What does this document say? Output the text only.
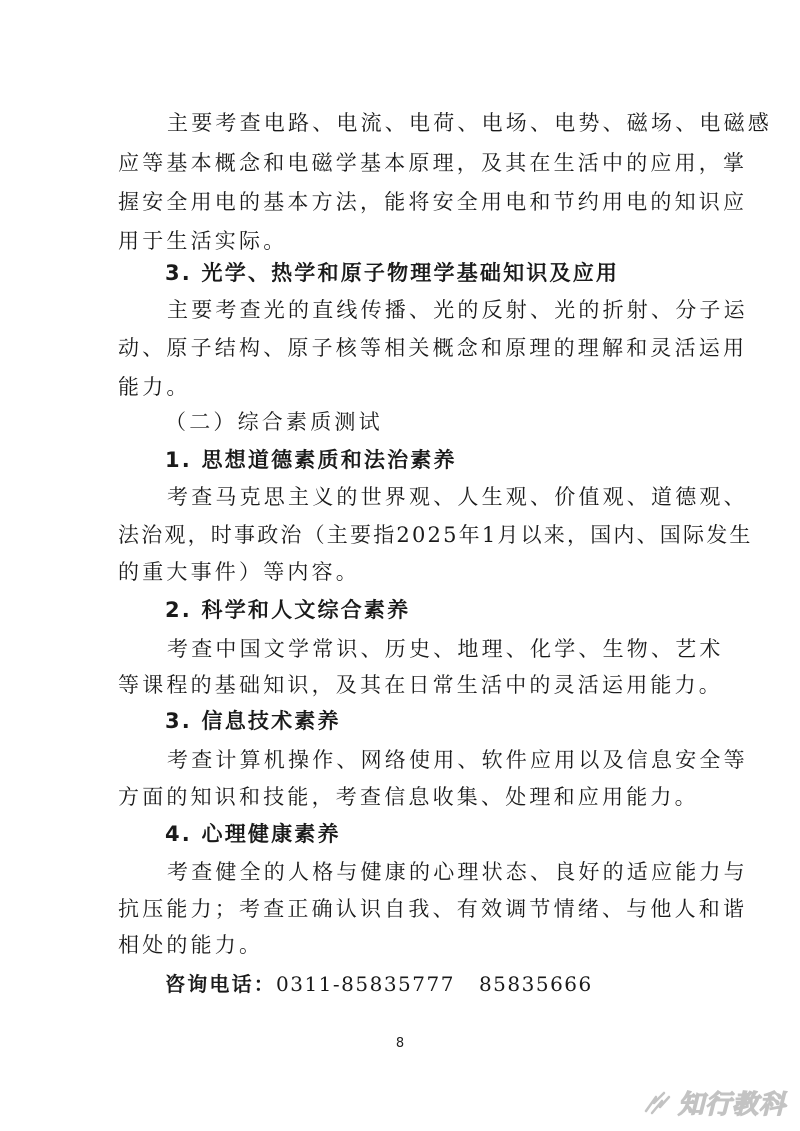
主要考查电路、电流、电荷、电场、电势、磁场、电磁感
应等基本概念和电磁学基本原理，及其在生活中的应用，掌
握安全用电的基本方法，能将安全用电和节约用电的知识应
用于生活实际。
3. 光学、热学和原子物理学基础知识及应用
主要考查光的直线传播、光的反射、光的折射、分子运
动、原子结构、原子核等相关概念和原理的理解和灵活运用
能力。
（二）综合素质测试
1. 思想道德素质和法治素养
考查马克思主义的世界观、人生观、价值观、道德观、
法治观，时事政治（主要指2025年1月以来，国内、国际发生
的重大事件）等内容。
2. 科学和人文综合素养
考查中国文学常识、历史、地理、化学、生物、艺术
等课程的基础知识，及其在日常生活中的灵活运用能力。
3. 信息技术素养
考查计算机操作、网络使用、软件应用以及信息安全等
方面的知识和技能，考查信息收集、处理和应用能力。
4. 心理健康素养
考查健全的人格与健康的心理状态、良好的适应能力与
抗压能力；考查正确认识自我、有效调节情绪、与他人和谐
相处的能力。
咨询电话：0311-85835777 85835666
8
知行教科
